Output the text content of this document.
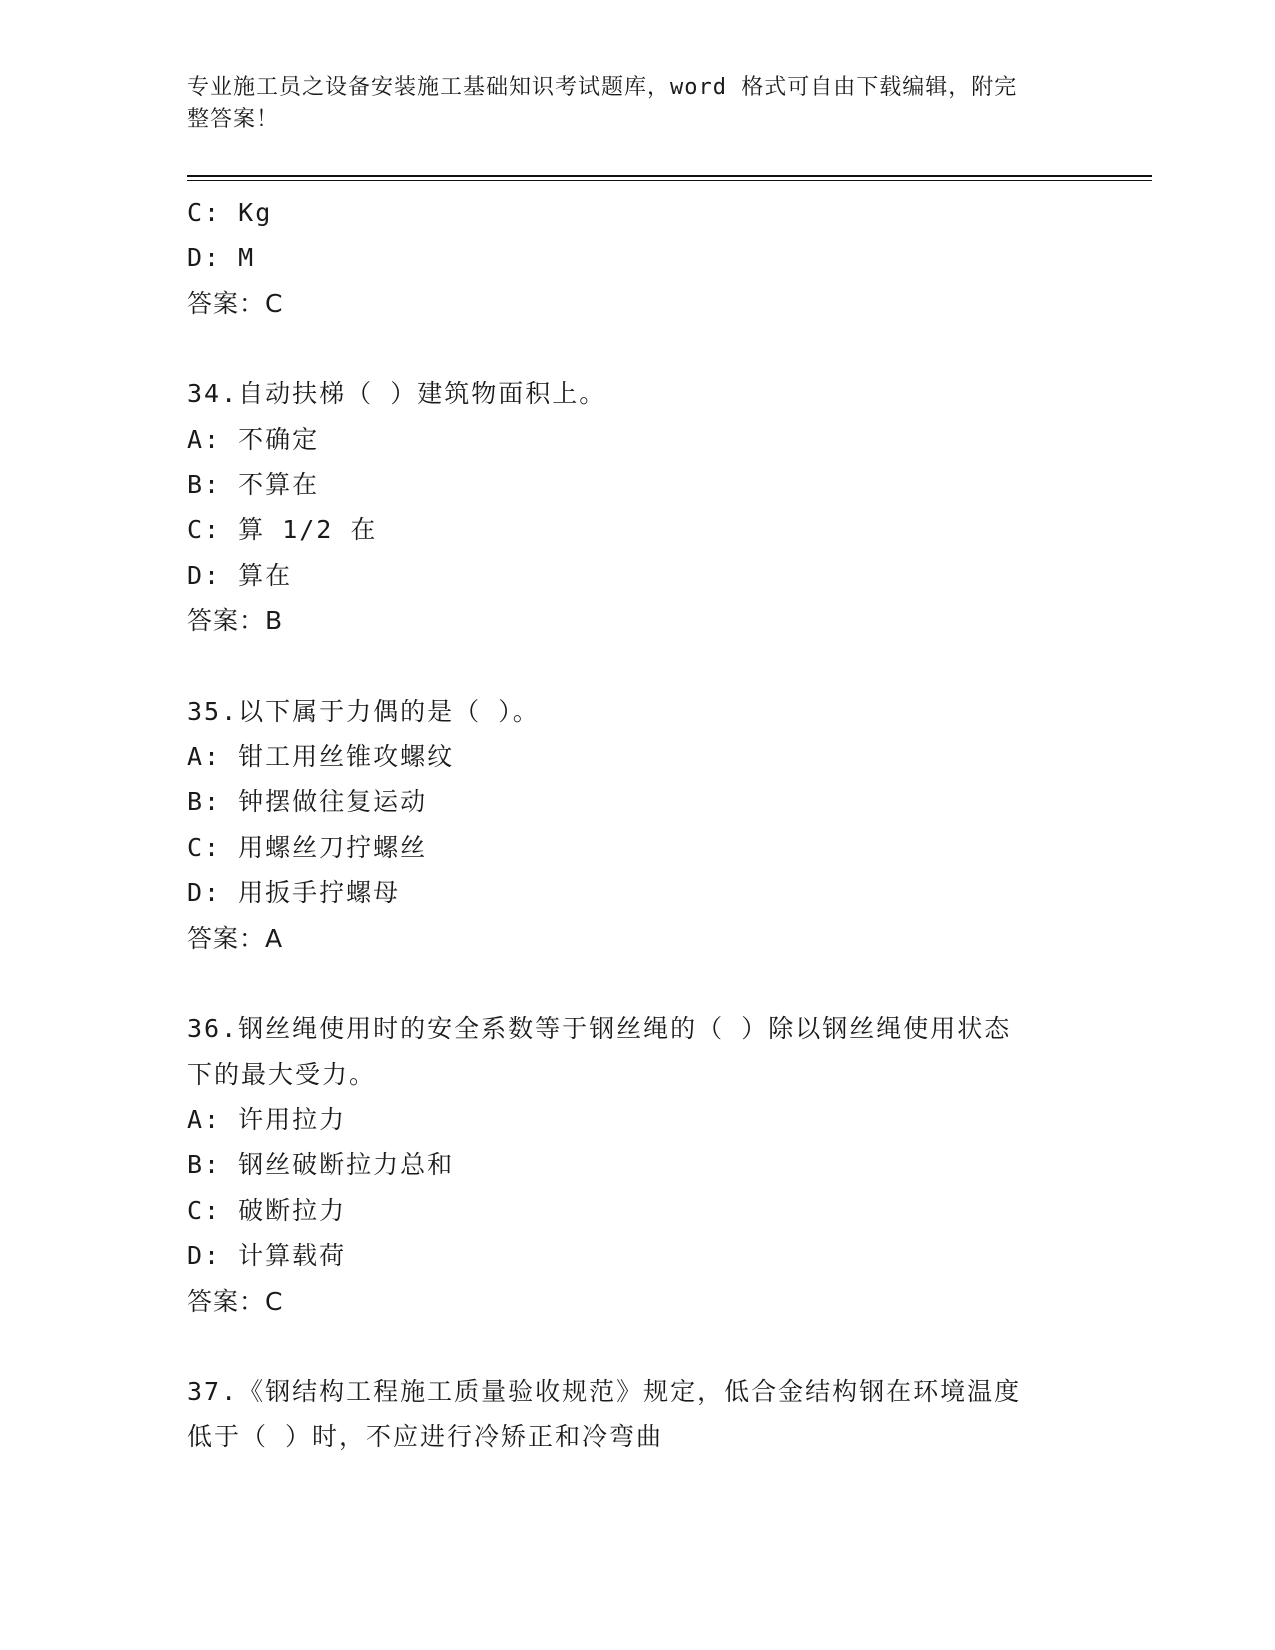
专业施工员之设备安装施工基础知识考试题库，word 格式可自由下载编辑，附完
整答案！
C: Kg
D: M
答案：C
34.自动扶梯（ ）建筑物面积上。
A: 不确定
B: 不算在
C: 算 1/2 在
D: 算在
答案：B
35.以下属于力偶的是（ ）。
A: 钳工用丝锥攻螺纹
B: 钟摆做往复运动
C: 用螺丝刀拧螺丝
D: 用扳手拧螺母
答案：A
36.钢丝绳使用时的安全系数等于钢丝绳的（ ）除以钢丝绳使用状态
下的最大受力。
A: 许用拉力
B: 钢丝破断拉力总和
C: 破断拉力
D: 计算载荷
答案：C
37.《钢结构工程施工质量验收规范》规定，低合金结构钢在环境温度
低于（ ）时，不应进行冷矫正和冷弯曲
